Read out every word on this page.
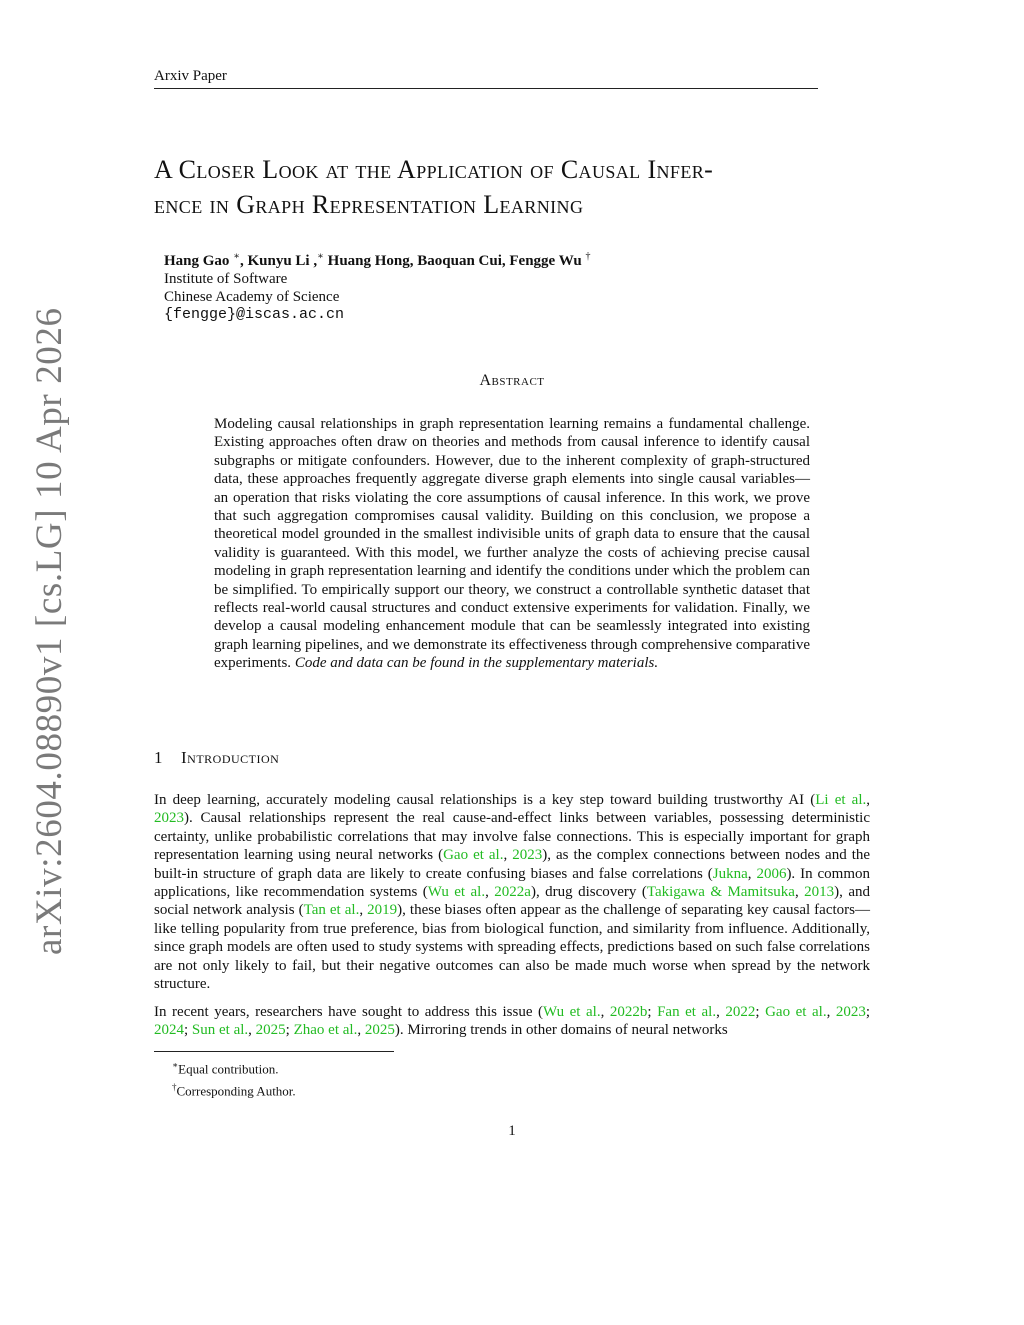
Arxiv Paper
arXiv:2604.08890v1 [cs.LG] 10 Apr 2026
A Closer Look at the Application of Causal Infer-
ence in Graph Representation Learning
Hang Gao ∗, Kunyu Li ,∗ Huang Hong, Baoquan Cui, Fengge Wu †
Institute of Software
Chinese Academy of Science
{fengge}@iscas.ac.cn
Abstract

Modeling causal relationships in graph representation learning remains a fundamental challenge. Existing approaches often draw on theories and methods from causal inference to identify causal subgraphs or mitigate confounders. However, due to the inherent complexity of graph-structured data, these approaches frequently aggregate diverse graph elements into single causal variables—an operation that risks violating the core assumptions of causal inference. In this work, we prove that such aggregation compromises causal validity. Building on this conclusion, we propose a theoretical model grounded in the smallest indivisible units of graph data to ensure that the causal validity is guaranteed. With this model, we further analyze the costs of achieving precise causal modeling in graph representation learning and identify the conditions under which the problem can be simplified. To empirically support our theory, we construct a controllable synthetic dataset that reflects real-world causal structures and conduct extensive experiments for validation. Finally, we develop a causal modeling enhancement module that can be seamlessly integrated into existing graph learning pipelines, and we demonstrate its effectiveness through comprehensive comparative experiments. Code and data can be found in the supplementary materials.

1 Introduction

In deep learning, accurately modeling causal relationships is a key step toward building trustworthy AI (Li et al., 2023). Causal relationships represent the real cause-and-effect links between variables, possessing deterministic certainty, unlike probabilistic correlations that may involve false connections. This is especially important for graph representation learning using neural networks (Gao et al., 2023), as the complex connections between nodes and the built-in structure of graph data are likely to create confusing biases and false correlations (Jukna, 2006). In common applications, like recommendation systems (Wu et al., 2022a), drug discovery (Takigawa & Mamitsuka, 2013), and social network analysis (Tan et al., 2019), these biases often appear as the challenge of separating key causal factors—like telling popularity from true preference, bias from biological function, and similarity from influence. Additionally, since graph models are often used to study systems with spreading effects, predictions based on such false correlations are not only likely to fail, but their negative outcomes can also be made much worse when spread by the network structure.

In recent years, researchers have sought to address this issue (Wu et al., 2022b; Fan et al., 2022; Gao et al., 2023; 2024; Sun et al., 2025; Zhao et al., 2025). Mirroring trends in other domains of neural networks

∗Equal contribution.
†Corresponding Author.
1
